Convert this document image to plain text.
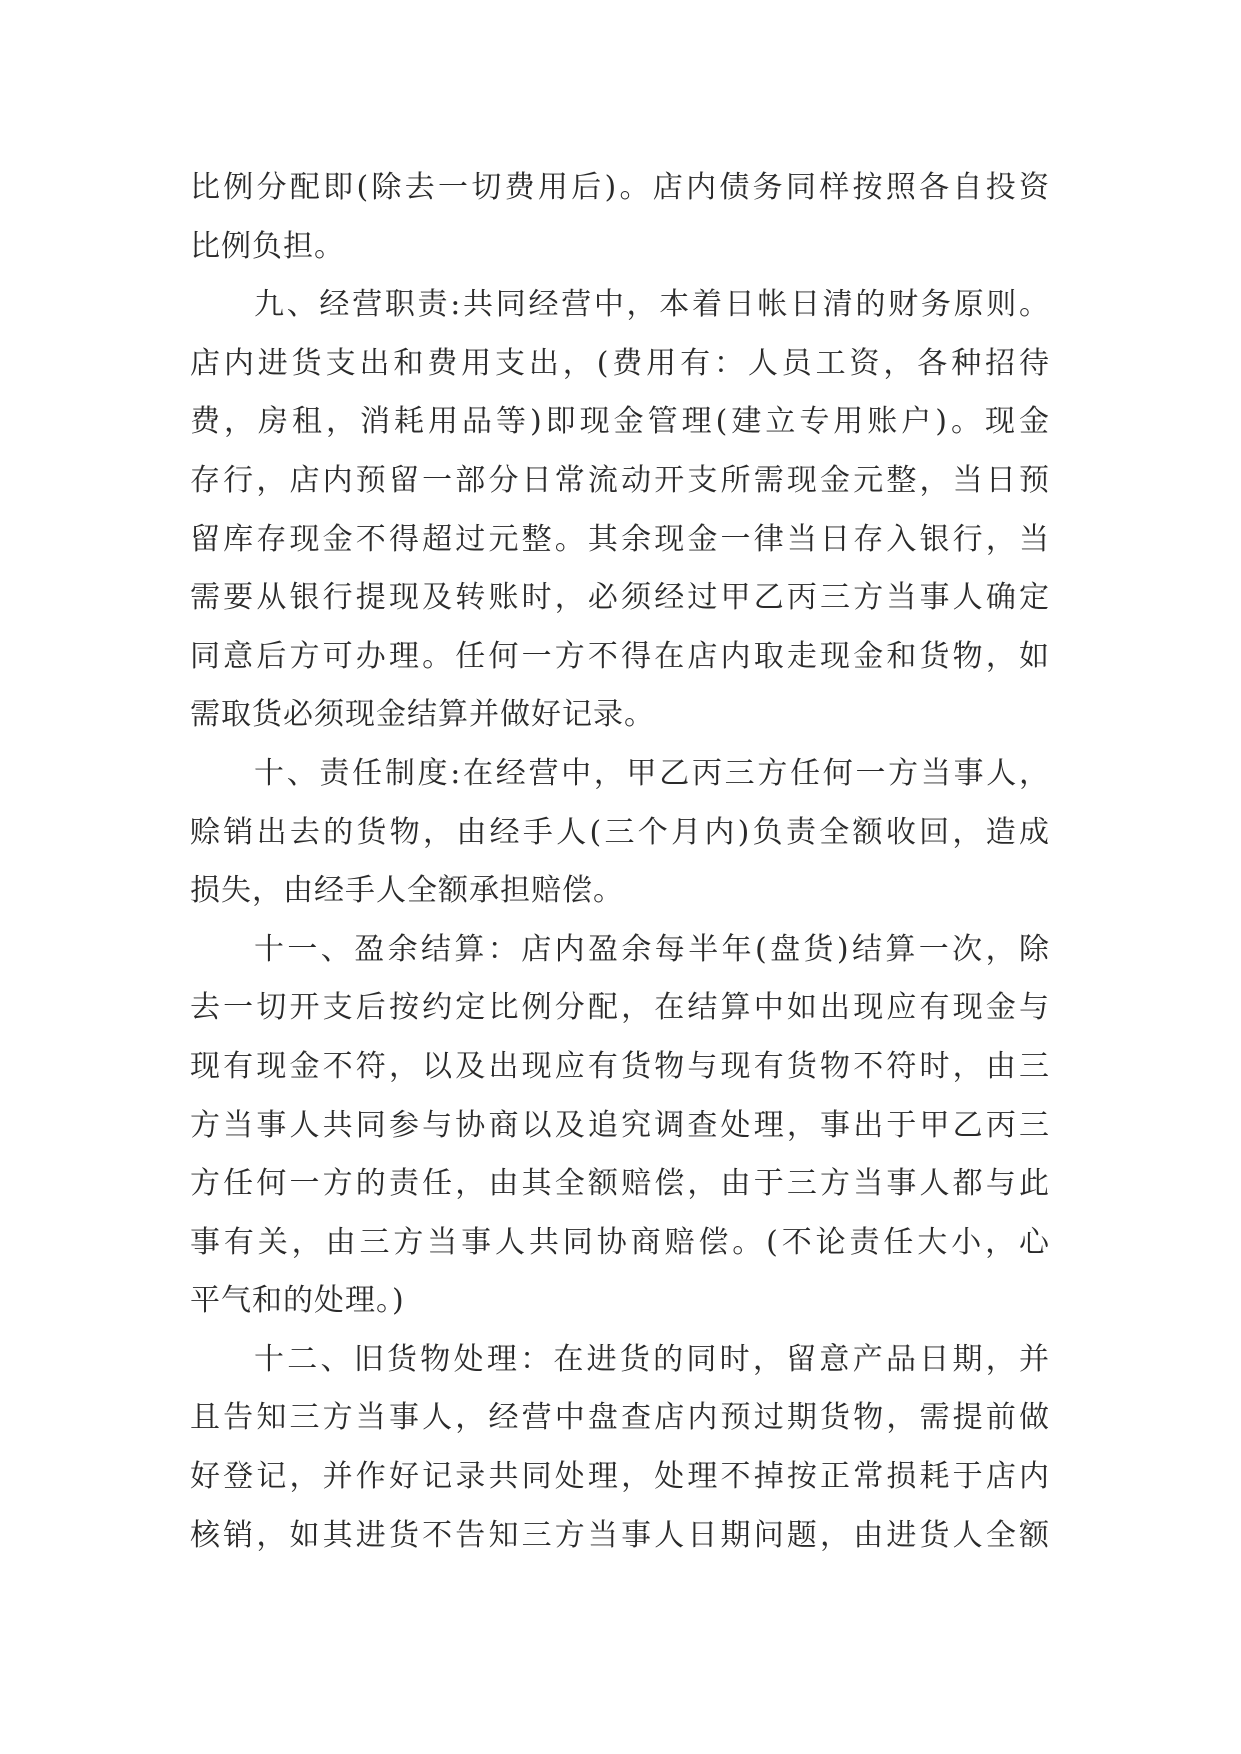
比例分配即(除去一切费用后)。店内债务同样按照各自投资
比例负担。
九、经营职责:共同经营中，本着日帐日清的财务原则。
店内进货支出和费用支出，(费用有：人员工资，各种招待
费，房租，消耗用品等)即现金管理(建立专用账户)。现金
存行，店内预留一部分日常流动开支所需现金元整，当日预
留库存现金不得超过元整。其余现金一律当日存入银行，当
需要从银行提现及转账时，必须经过甲乙丙三方当事人确定
同意后方可办理。任何一方不得在店内取走现金和货物，如
需取货必须现金结算并做好记录。
十、责任制度:在经营中，甲乙丙三方任何一方当事人，
赊销出去的货物，由经手人(三个月内)负责全额收回，造成
损失，由经手人全额承担赔偿。
十一、盈余结算：店内盈余每半年(盘货)结算一次，除
去一切开支后按约定比例分配，在结算中如出现应有现金与
现有现金不符，以及出现应有货物与现有货物不符时，由三
方当事人共同参与协商以及追究调查处理，事出于甲乙丙三
方任何一方的责任，由其全额赔偿，由于三方当事人都与此
事有关，由三方当事人共同协商赔偿。(不论责任大小，心
平气和的处理。)
十二、旧货物处理：在进货的同时，留意产品日期，并
且告知三方当事人，经营中盘查店内预过期货物，需提前做
好登记，并作好记录共同处理，处理不掉按正常损耗于店内
核销，如其进货不告知三方当事人日期问题，由进货人全额
